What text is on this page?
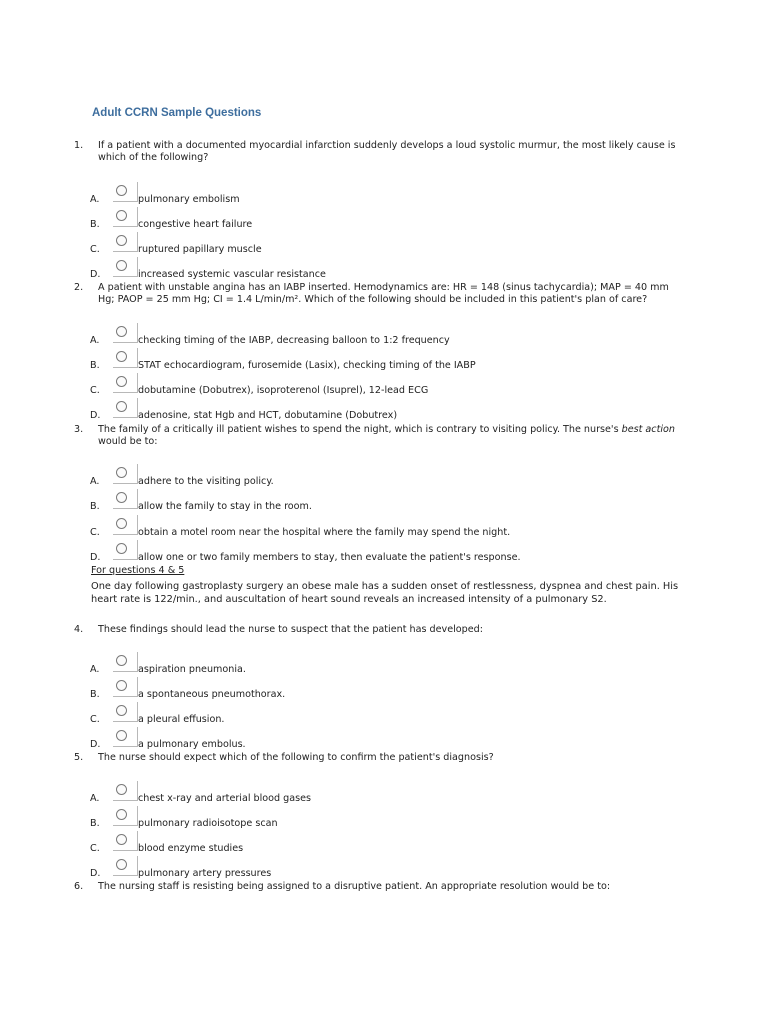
Adult CCRN Sample Questions
1. If a patient with a documented myocardial infarction suddenly develops a loud systolic murmur, the most likely cause is which of the following?
A.	pulmonary embolism
B.	congestive heart failure
C.	ruptured papillary muscle
D.	increased systemic vascular resistance
2. A patient with unstable angina has an IABP inserted. Hemodynamics are: HR = 148 (sinus tachycardia); MAP = 40 mm Hg; PAOP = 25 mm Hg; CI = 1.4 L/min/m². Which of the following should be included in this patient's plan of care?
A.	checking timing of the IABP, decreasing balloon to 1:2 frequency
B.	STAT echocardiogram, furosemide (Lasix), checking timing of the IABP
C.	dobutamine (Dobutrex), isoproterenol (Isuprel), 12-lead ECG
D.	adenosine, stat Hgb and HCT, dobutamine (Dobutrex)
3. The family of a critically ill patient wishes to spend the night, which is contrary to visiting policy. The nurse's best action would be to:
A.	adhere to the visiting policy.
B.	allow the family to stay in the room.
C.	obtain a motel room near the hospital where the family may spend the night.
D.	allow one or two family members to stay, then evaluate the patient's response.
For questions 4 & 5
One day following gastroplasty surgery an obese male has a sudden onset of restlessness, dyspnea and chest pain. His heart rate is 122/min., and auscultation of heart sound reveals an increased intensity of a pulmonary S2.
4. These findings should lead the nurse to suspect that the patient has developed:
A.	aspiration pneumonia.
B.	a spontaneous pneumothorax.
C.	a pleural effusion.
D.	a pulmonary embolus.
5. The nurse should expect which of the following to confirm the patient's diagnosis?
A.	chest x-ray and arterial blood gases
B.	pulmonary radioisotope scan
C.	blood enzyme studies
D.	pulmonary artery pressures
6. The nursing staff is resisting being assigned to a disruptive patient. An appropriate resolution would be to:
